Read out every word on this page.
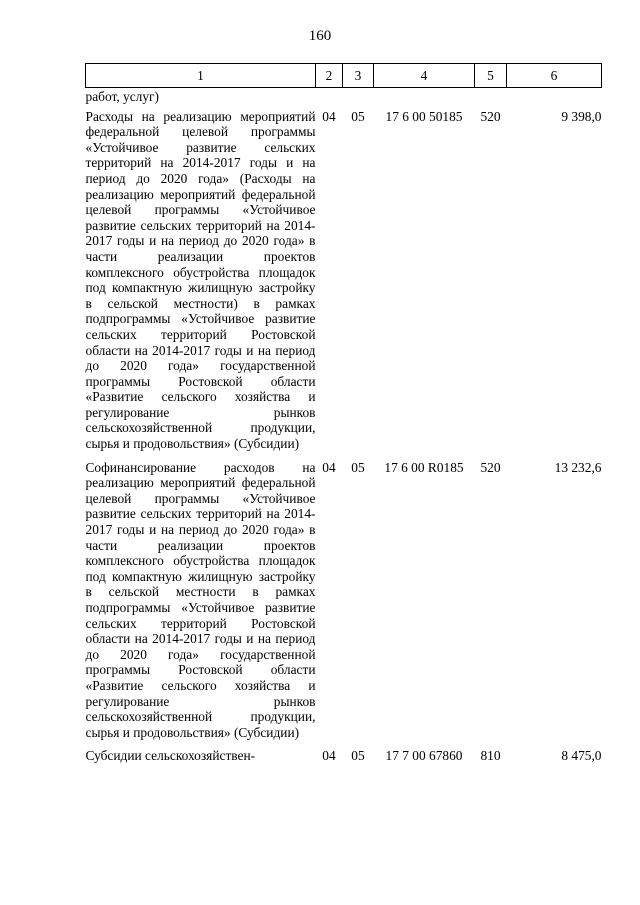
160
1	2	3	4	5	6
работ, услуг)					
Расходы на реализацию мероприятий федеральной целевой программы «Устойчивое развитие сельских территорий на 2014-2017 годы и на период до 2020 года» (Расходы на реализацию мероприятий федеральной целевой программы «Устойчивое развитие сельских территорий на 2014-2017 годы и на период до 2020 года» в части реализации проектов комплексного обустройства площадок под компактную жилищную застройку в сельской местности) в рамках подпрограммы «Устойчивое развитие сельских территорий Ростовской области на 2014-2017 годы и на период до 2020 года» государственной программы Ростовской области «Развитие сельского хозяйства и регулирование рынков сельскохозяйственной продукции, сырья и продовольствия» (Субсидии)	04	05	17 6 00 50185	520	9 398,0
Софинансирование расходов на реализацию мероприятий федеральной целевой программы «Устойчивое развитие сельских территорий на 2014-2017 годы и на период до 2020 года» в части реализации проектов комплексного обустройства площадок под компактную жилищную застройку в сельской местности в рамках подпрограммы «Устойчивое развитие сельских территорий Ростовской области на 2014-2017 годы и на период до 2020 года» государственной программы Ростовской области «Развитие сельского хозяйства и регулирование рынков сельскохозяйственной продукции, сырья и продовольствия» (Субсидии)	04	05	17 6 00 R0185	520	13 232,6
Субсидии сельскохозяйствен-	04	05	17 7 00 67860	810	8 475,0
